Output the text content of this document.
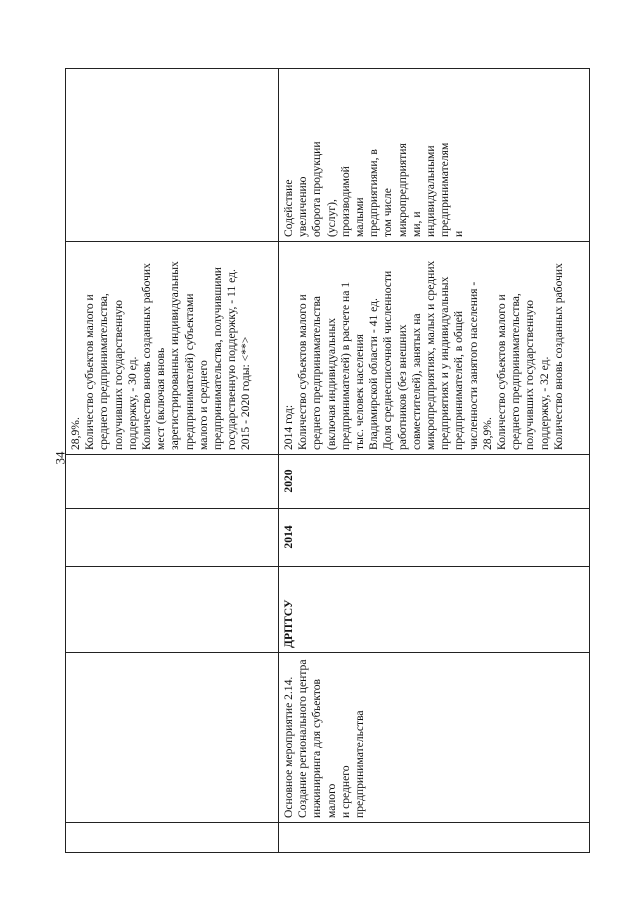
34
28,9%.
Количество субъектов малого и
среднего предпринимательства,
получивших государственную
поддержку, - 30 ед.
Количество вновь созданных рабочих
мест (включая вновь
зарегистрированных индивидуальных
предпринимателей) субъектами
малого и среднего
предпринимательства, получившими
государственную поддержку, - 11 ед.
2015 - 2020 годы: <**>
Основное мероприятие 2.14.
Создание регионального центра
инжиниринга для субъектов малого
и среднего предпринимательства
ДРПТСУ
2014
2020
2014 год:
Количество субъектов малого и
среднего предпринимательства
(включая индивидуальных
предпринимателей) в расчете на 1
тыс. человек населения
Владимирской области - 41 ед.
Доля среднесписочной численности
работников (без внешних
совместителей), занятых на
микропредприятиях, малых и средних
предприятиях и у индивидуальных
предпринимателей, в общей
численности занятого населения -
28,9%.
Количество субъектов малого и
среднего предпринимательства,
получивших государственную
поддержку, - 32 ед.
Количество вновь созданных рабочих
Содействие
увеличению
оборота продукции
(услуг),
производимой
малыми
предприятиями, в
том числе
микропредприятия
ми, и
индивидуальными
предпринимателям
и
